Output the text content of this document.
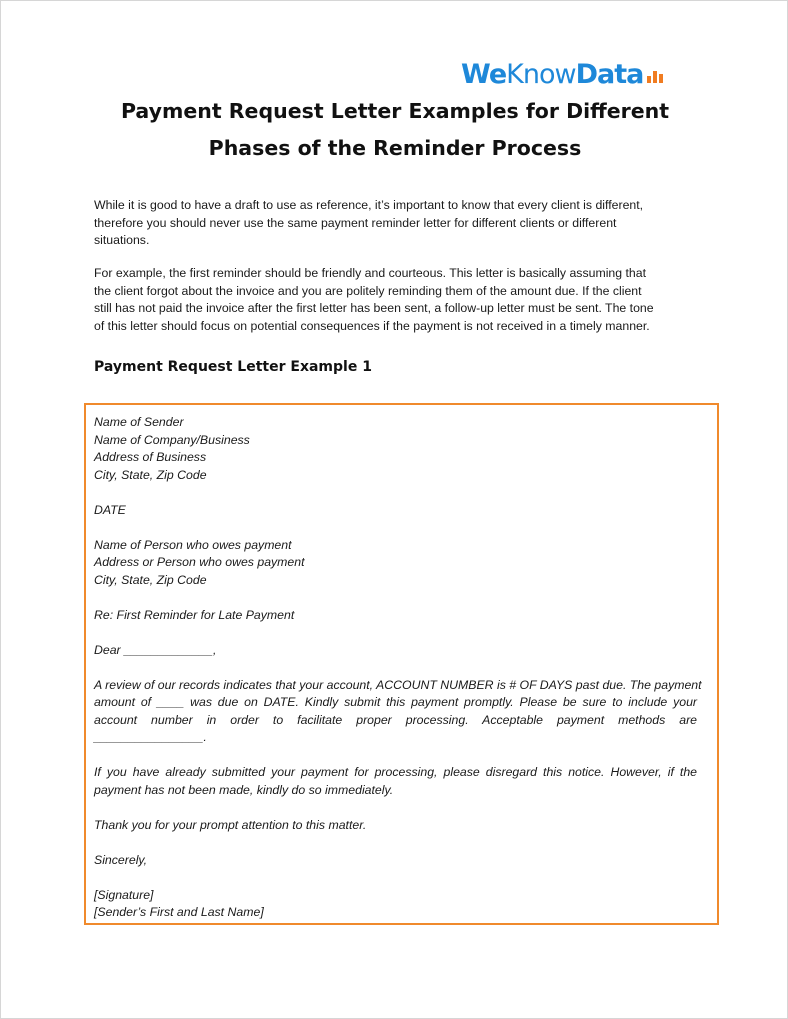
WeKnowData
Payment Request Letter Examples for Different
Phases of the Reminder Process
While it is good to have a draft to use as reference, it’s important to know that every client is different,
therefore you should never use the same payment reminder letter for different clients or different
situations.
For example, the first reminder should be friendly and courteous. This letter is basically assuming that
the client forgot about the invoice and you are politely reminding them of the amount due. If the client
still has not paid the invoice after the first letter has been sent, a follow-up letter must be sent. The tone
of this letter should focus on potential consequences if the payment is not received in a timely manner.
Payment Request Letter Example 1
Name of Sender
Name of Company/Business
Address of Business
City, State, Zip Code
DATE
Name of Person who owes payment
Address or Person who owes payment
City, State, Zip Code
Re: First Reminder for Late Payment
Dear _____________,
A review of our records indicates that your account, ACCOUNT NUMBER is # OF DAYS past due. The payment
amount of ____ was due on DATE. Kindly submit this payment promptly. Please be sure to include your
account number in order to facilitate proper processing. Acceptable payment methods are
________________.
If you have already submitted your payment for processing, please disregard this notice. However, if the
payment has not been made, kindly do so immediately.
Thank you for your prompt attention to this matter.
Sincerely,
[Signature]
[Sender’s First and Last Name]
